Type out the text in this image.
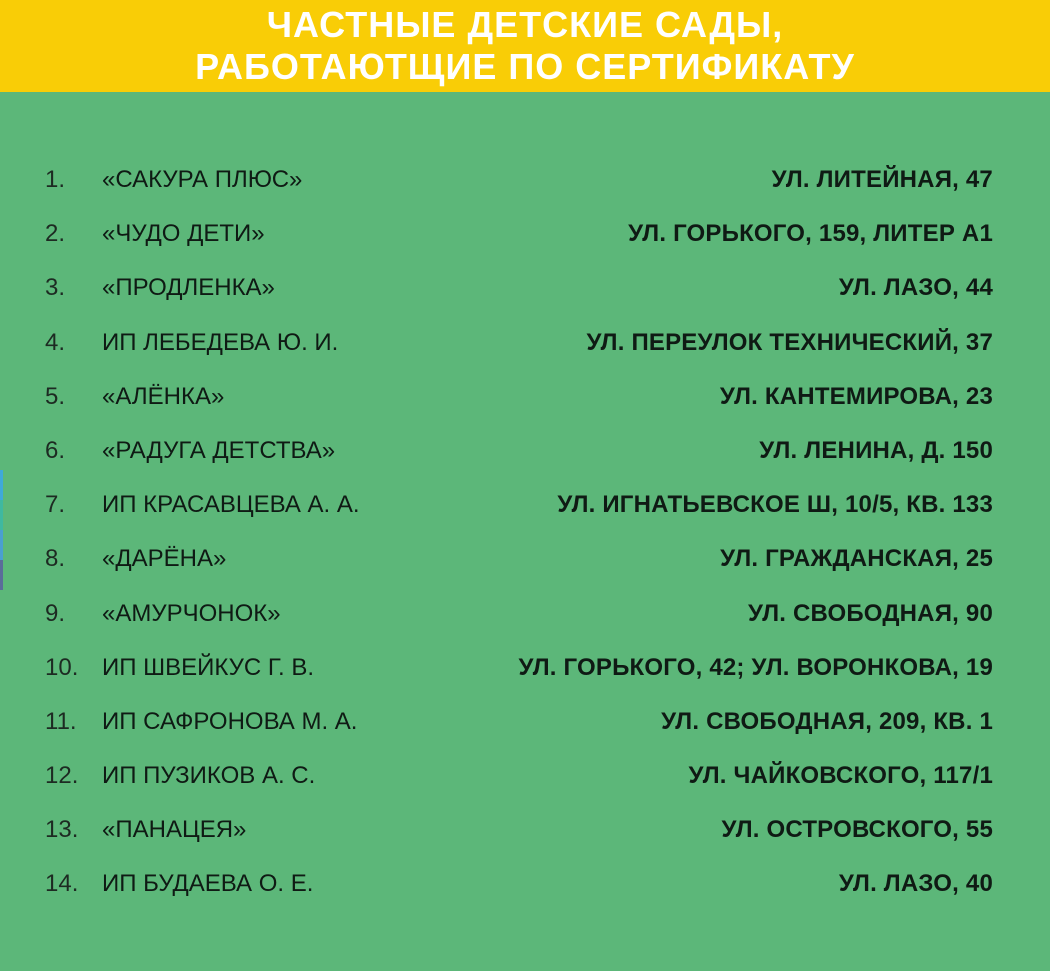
ЧАСТНЫЕ ДЕТСКИЕ САДЫ,
РАБОТАЮТЩИЕ ПО СЕРТИФИКАТУ
1. «САКУРА ПЛЮС»	УЛ. ЛИТЕЙНАЯ, 47
2. «ЧУДО ДЕТИ»	УЛ. ГОРЬКОГО, 159, ЛИТЕР А1
3. «ПРОДЛЕНКА»	УЛ. ЛАЗО, 44
4. ИП ЛЕБЕДЕВА Ю. И.	УЛ. ПЕРЕУЛОК ТЕХНИЧЕСКИЙ, 37
5. «АЛЁНКА»	УЛ. КАНТЕМИРОВА, 23
6. «РАДУГА ДЕТСТВА»	УЛ. ЛЕНИНА, Д. 150
7. ИП КРАСАВЦЕВА А. А.	УЛ. ИГНАТЬЕВСКОЕ Ш, 10/5, КВ. 133
8. «ДАРЁНА»	УЛ. ГРАЖДАНСКАЯ, 25
9. «АМУРЧОНОК»	УЛ. СВОБОДНАЯ, 90
10. ИП ШВЕЙКУС Г. В.	УЛ. ГОРЬКОГО, 42; УЛ. ВОРОНКОВА, 19
11. ИП САФРОНОВА М. А.	УЛ. СВОБОДНАЯ, 209, КВ. 1
12. ИП ПУЗИКОВ А. С.	УЛ. ЧАЙКОВСКОГО, 117/1
13. «ПАНАЦЕЯ»	УЛ. ОСТРОВСКОГО, 55
14. ИП БУДАЕВА О. Е.	УЛ. ЛАЗО, 40
